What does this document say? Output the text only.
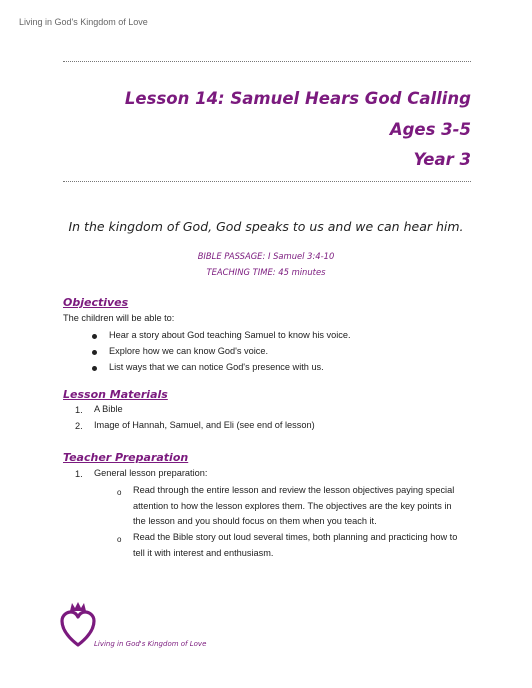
Living in God's Kingdom of Love
Lesson 14: Samuel Hears God Calling
Ages 3-5
Year 3
In the kingdom of God, God speaks to us and we can hear him.
BIBLE PASSAGE: I Samuel 3:4-10
TEACHING TIME: 45 minutes
Objectives
The children will be able to:
Hear a story about God teaching Samuel to know his voice.
Explore how we can know God's voice.
List ways that we can notice God's presence with us.
Lesson Materials
1. A Bible
2. Image of Hannah, Samuel, and Eli (see end of lesson)
Teacher Preparation
1. General lesson preparation:
o Read through the entire lesson and review the lesson objectives paying special
attention to how the lesson explores them. The objectives are the key points in
the lesson and you should focus on them when you teach it.
o Read the Bible story out loud several times, both planning and practicing how to
tell it with interest and enthusiasm.
Living in God's Kingdom of Love
